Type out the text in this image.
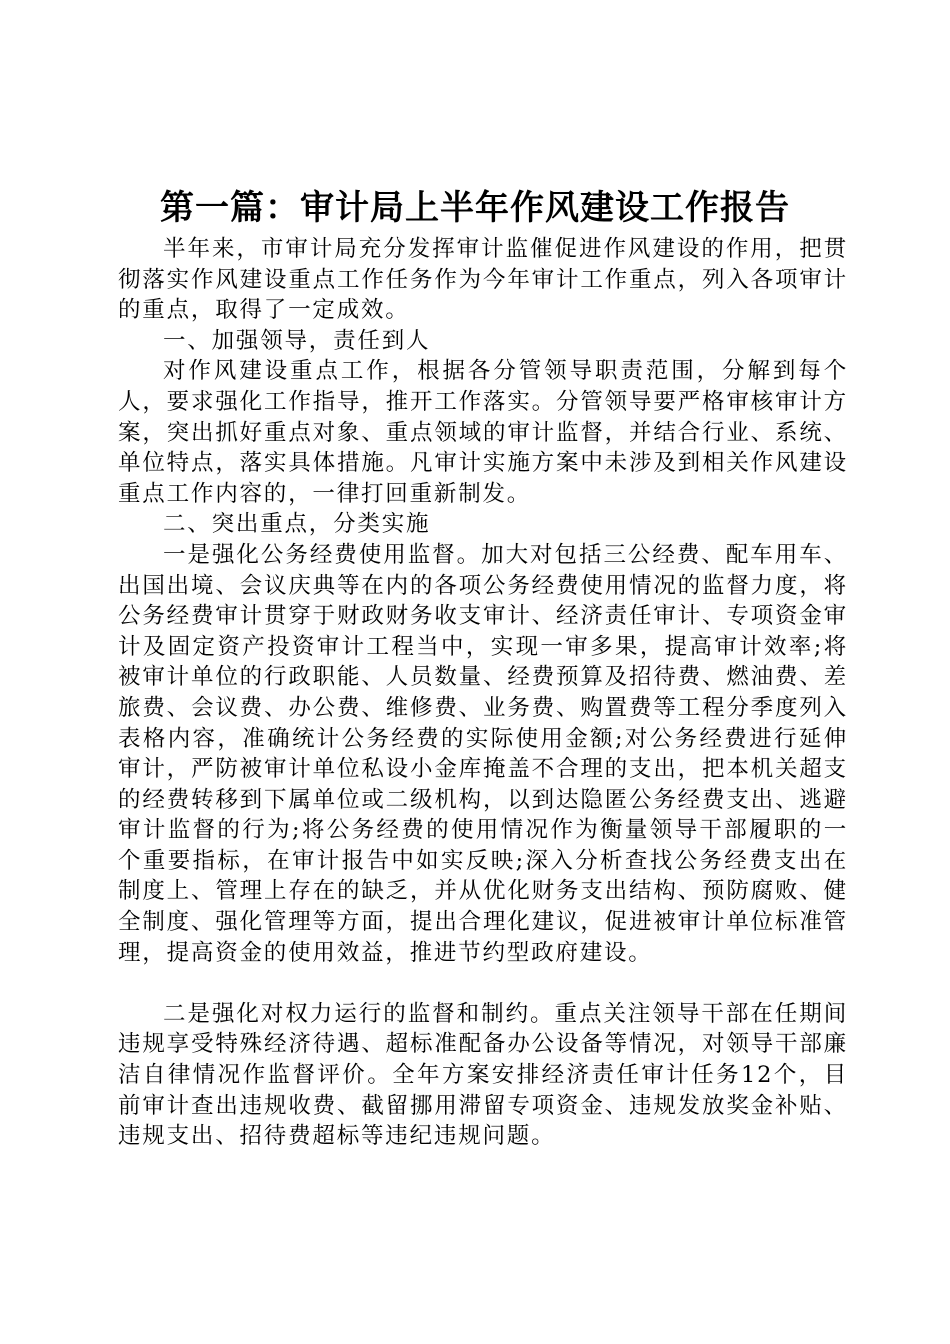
第一篇：审计局上半年作风建设工作报告

半年来，市审计局充分发挥审计监催促进作风建设的作用，把贯彻落实作风建设重点工作任务作为今年审计工作重点，列入各项审计的重点，取得了一定成效。

一、加强领导，责任到人

对作风建设重点工作，根据各分管领导职责范围，分解到每个人，要求强化工作指导，推开工作落实。分管领导要严格审核审计方案，突出抓好重点对象、重点领域的审计监督，并结合行业、系统、单位特点，落实具体措施。凡审计实施方案中未涉及到相关作风建设重点工作内容的，一律打回重新制发。

二、突出重点，分类实施

一是强化公务经费使用监督。加大对包括三公经费、配车用车、出国出境、会议庆典等在内的各项公务经费使用情况的监督力度，将公务经费审计贯穿于财政财务收支审计、经济责任审计、专项资金审计及固定资产投资审计工程当中，实现一审多果，提高审计效率;将被审计单位的行政职能、人员数量、经费预算及招待费、燃油费、差旅费、会议费、办公费、维修费、业务费、购置费等工程分季度列入表格内容，准确统计公务经费的实际使用金额;对公务经费进行延伸审计，严防被审计单位私设小金库掩盖不合理的支出，把本机关超支的经费转移到下属单位或二级机构，以到达隐匿公务经费支出、逃避审计监督的行为;将公务经费的使用情况作为衡量领导干部履职的一个重要指标，在审计报告中如实反映;深入分析查找公务经费支出在制度上、管理上存在的缺乏，并从优化财务支出结构、预防腐败、健全制度、强化管理等方面，提出合理化建议，促进被审计单位标准管理，提高资金的使用效益，推进节约型政府建设。

二是强化对权力运行的监督和制约。重点关注领导干部在任期间违规享受特殊经济待遇、超标准配备办公设备等情况，对领导干部廉洁自律情况作监督评价。全年方案安排经济责任审计任务12个，目前审计查出违规收费、截留挪用滞留专项资金、违规发放奖金补贴、违规支出、招待费超标等违纪违规问题。
